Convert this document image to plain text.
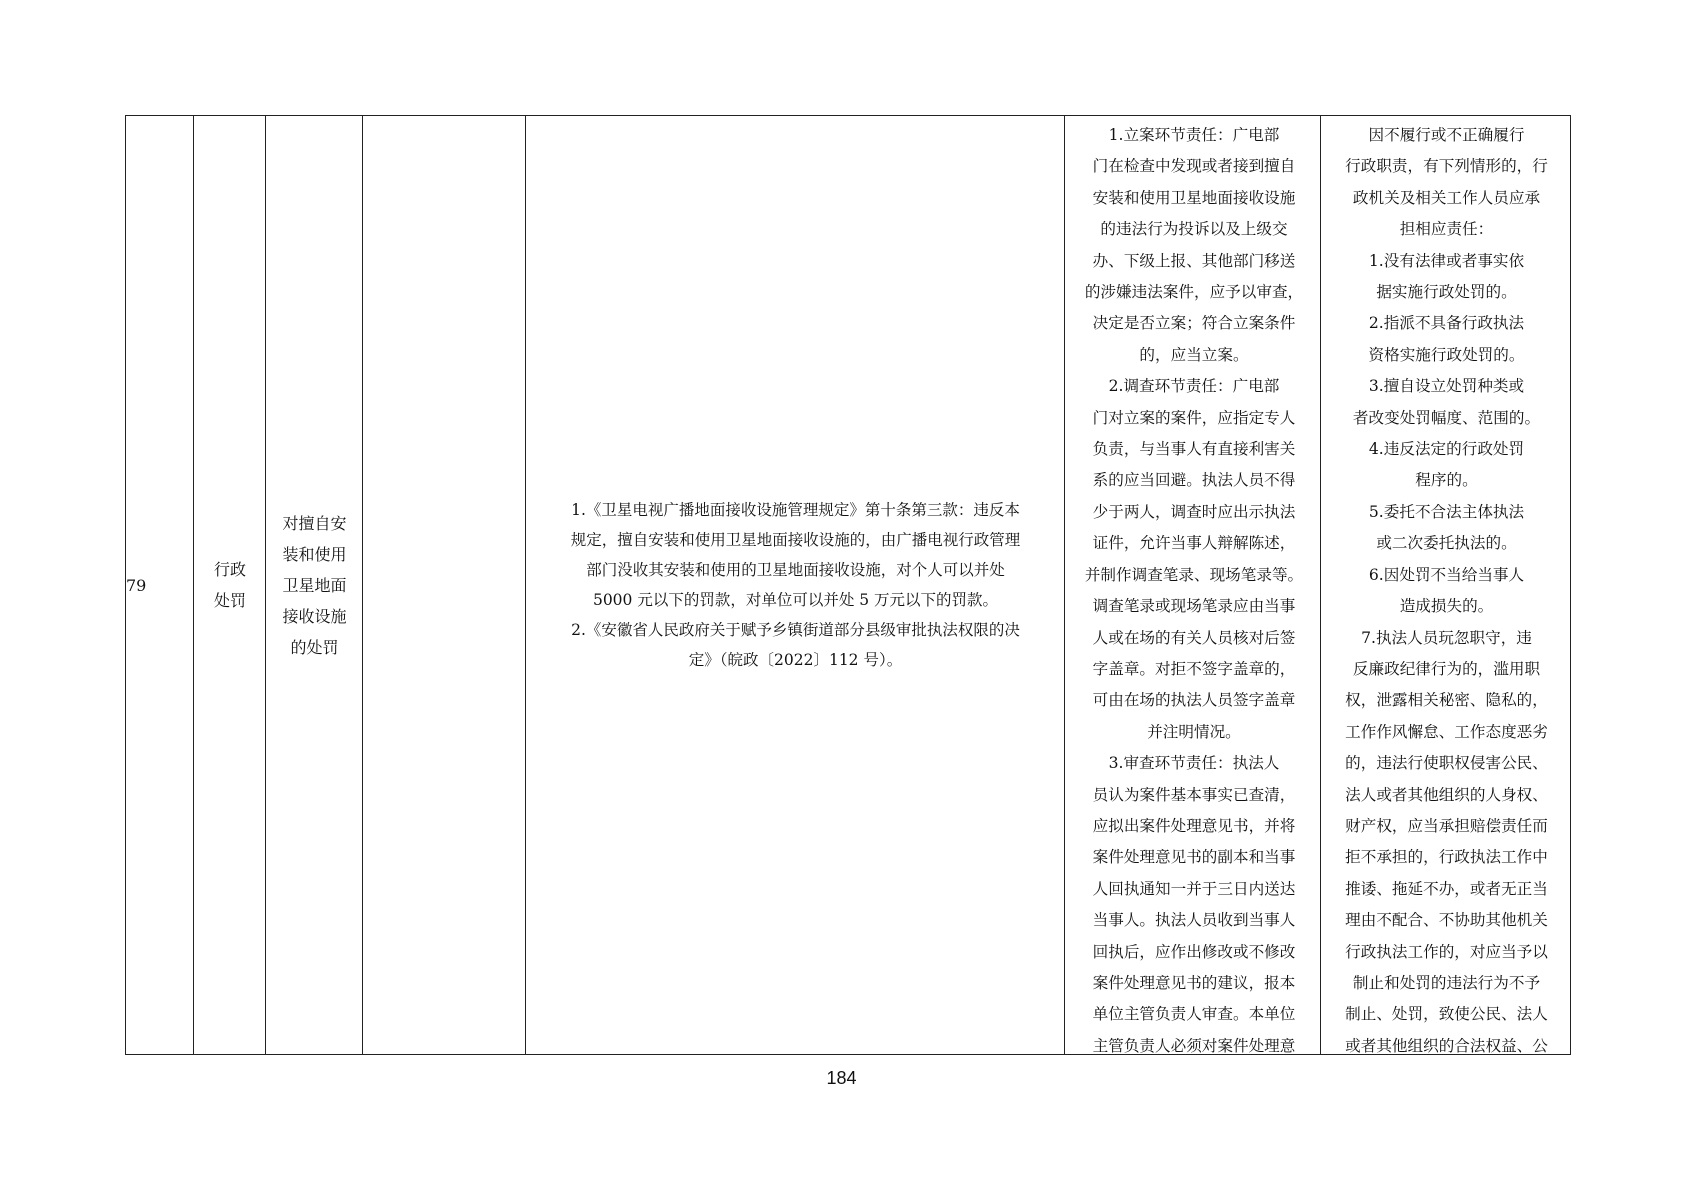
79
行政
处罚
对擅自安
装和使用
卫星地面
接收设施
的处罚
1.《卫星电视广播地面接收设施管理规定》第十条第三款：违反本
规定，擅自安装和使用卫星地面接收设施的，由广播电视行政管理
部门没收其安装和使用的卫星地面接收设施，对个人可以并处
5000 元以下的罚款，对单位可以并处 5 万元以下的罚款。
2.《安徽省人民政府关于赋予乡镇街道部分县级审批执法权限的决
定》（皖政〔2022〕112 号）。
1.立案环节责任：广电部
门在检查中发现或者接到擅自
安装和使用卫星地面接收设施
的违法行为投诉以及上级交
办、下级上报、其他部门移送
的涉嫌违法案件，应予以审查，
决定是否立案；符合立案条件
的，应当立案。
2.调查环节责任：广电部
门对立案的案件，应指定专人
负责，与当事人有直接利害关
系的应当回避。执法人员不得
少于两人，调查时应出示执法
证件，允许当事人辩解陈述，
并制作调查笔录、现场笔录等。
调查笔录或现场笔录应由当事
人或在场的有关人员核对后签
字盖章。对拒不签字盖章的，
可由在场的执法人员签字盖章
并注明情况。
3.审查环节责任：执法人
员认为案件基本事实已查清，
应拟出案件处理意见书，并将
案件处理意见书的副本和当事
人回执通知一并于三日内送达
当事人。执法人员收到当事人
回执后，应作出修改或不修改
案件处理意见书的建议，报本
单位主管负责人审查。本单位
主管负责人必须对案件处理意
因不履行或不正确履行
行政职责，有下列情形的，行
政机关及相关工作人员应承
担相应责任：
1.没有法律或者事实依
据实施行政处罚的。
2.指派不具备行政执法
资格实施行政处罚的。
3.擅自设立处罚种类或
者改变处罚幅度、范围的。
4.违反法定的行政处罚
程序的。
5.委托不合法主体执法
或二次委托执法的。
6.因处罚不当给当事人
造成损失的。
7.执法人员玩忽职守，违
反廉政纪律行为的，滥用职
权，泄露相关秘密、隐私的，
工作作风懈怠、工作态度恶劣
的，违法行使职权侵害公民、
法人或者其他组织的人身权、
财产权，应当承担赔偿责任而
拒不承担的，行政执法工作中
推诿、拖延不办，或者无正当
理由不配合、不协助其他机关
行政执法工作的，对应当予以
制止和处罚的违法行为不予
制止、处罚，致使公民、法人
或者其他组织的合法权益、公
184
